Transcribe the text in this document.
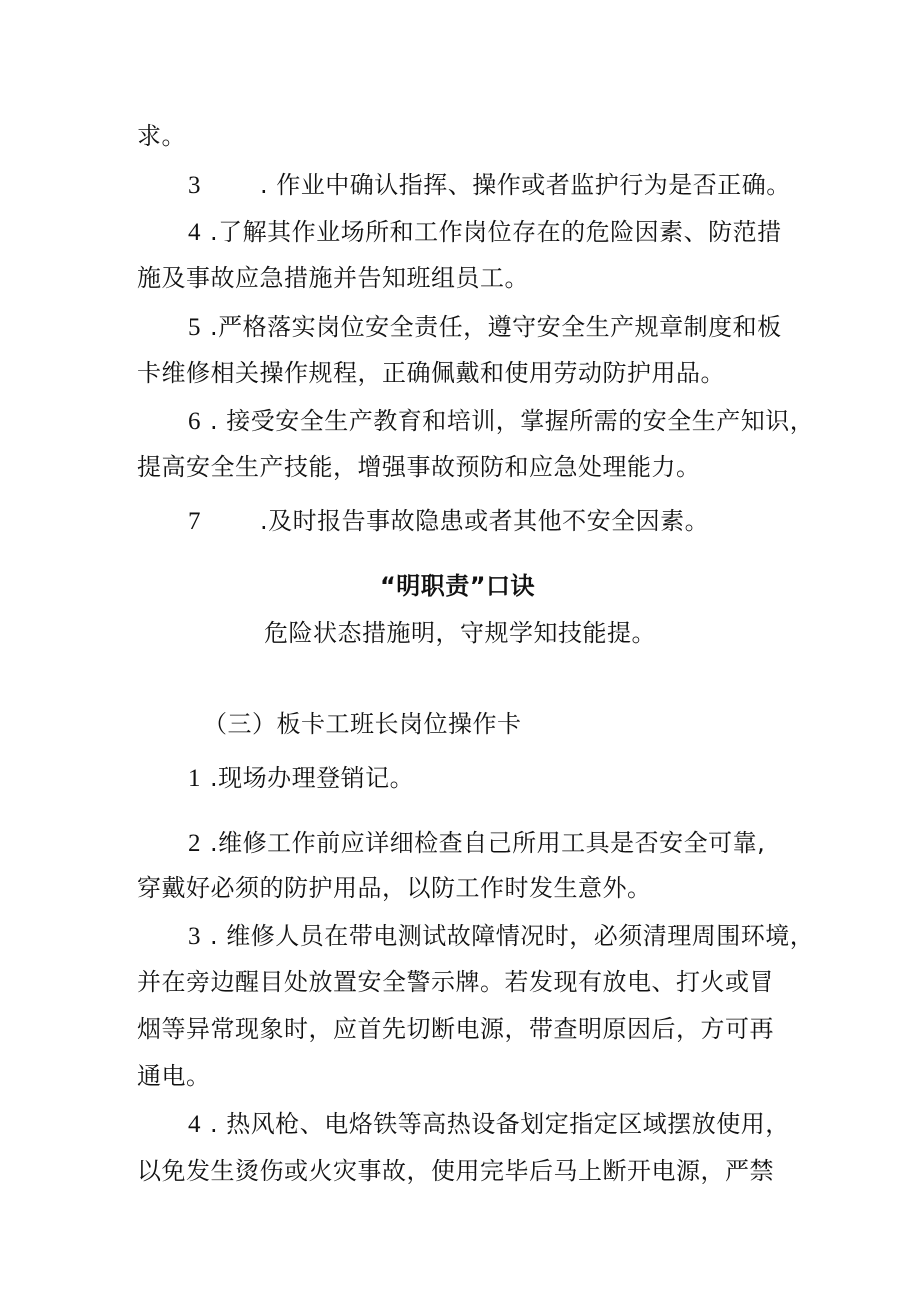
求。
3 . 作业中确认指挥、操作或者监护行为是否正确。
4 .了解其作业场所和工作岗位存在的危险因素、防范措
施及事故应急措施并告知班组员工。
5 .严格落实岗位安全责任，遵守安全生产规章制度和板
卡维修相关操作规程，正确佩戴和使用劳动防护用品。
6 . 接受安全生产教育和培训，掌握所需的安全生产知识，
提高安全生产技能，增强事故预防和应急处理能力。
7 .及时报告事故隐患或者其他不安全因素。
“明职责”口诀
危险状态措施明，守规学知技能提。
（三）板卡工班长岗位操作卡
1 .现场办理登销记。
2 .维修工作前应详细检查自己所用工具是否安全可靠,
穿戴好必须的防护用品，以防工作时发生意外。
3 . 维修人员在带电测试故障情况时，必须清理周围环境，
并在旁边醒目处放置安全警示牌。若发现有放电、打火或冒
烟等异常现象时，应首先切断电源，带查明原因后，方可再
通电。
4 . 热风枪、电烙铁等高热设备划定指定区域摆放使用，
以免发生烫伤或火灾事故，使用完毕后马上断开电源，严禁
